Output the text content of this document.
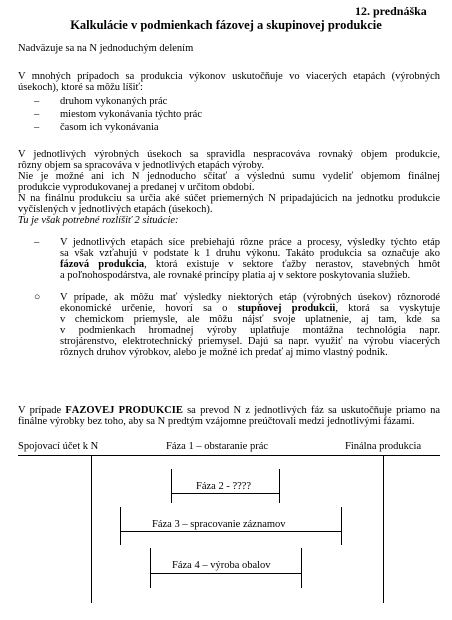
12. prednáška
Kalkulácie v podmienkach fázovej a skupinovej produkcie
Nadväzuje sa na N jednoduchým delením
V mnohých prípadoch sa produkcia výkonov uskutočňuje vo viacerých etapách (výrobných
úsekoch), ktoré sa môžu líšiť:
– druhom vykonaných prác
– miestom vykonávania týchto prác
– časom ich vykonávania
V jednotlivých výrobných úsekoch sa spravidla nespracováva rovnaký objem produkcie,
rôzny objem sa spracováva v jednotlivých etapách výroby.
Nie je možné ani ich N jednoducho sčítať a výslednú sumu vydeliť objemom finálnej
produkcie vyprodukovanej a predanej v určitom období.
N na finálnu produkciu sa určia aké súčet priemerných N pripadajúcich na jednotku produkcie
vyčíslených v jednotlivých etapách (úsekoch).
Tu je však potrebné rozlíšiť 2 situácie:
– V jednotlivých etapách síce prebiehajú rôzne práce a procesy, výsledky týchto etáp
sa však vzťahujú v podstate k 1 druhu výkonu. Takáto produkcia sa označuje ako
fázová produkcia, ktorá existuje v sektore ťažby nerastov, stavebných hmôt
a poľnohospodárstva, ale rovnaké princípy platia aj v sektore poskytovania služieb.
○ V prípade, ak môžu mať výsledky niektorých etáp (výrobných úsekov) rôznorodé
ekonomické určenie, hovorí sa o stupňovej produkcii, ktorá sa vyskytuje
v chemickom priemysle, ale môžu nájsť svoje uplatnenie, aj tam, kde sa
v podmienkach hromadnej výroby uplatňuje montážna technológia napr.
strojárenstvo, elektrotechnický priemysel. Dajú sa napr. využiť na výrobu viacerých
rôznych druhov výrobkov, alebo je možné ich predať aj mimo vlastný podnik.
V prípade FÁZOVEJ PRODUKCIE sa prevod N z jednotlivých fáz sa uskutočňuje priamo na
finálne výrobky bez toho, aby sa N predtým vzájomne preúčtovali medzi jednotlivými fázami.
Spojovací účet k N	Fáza 1 – obstaranie prác	Finálna produkcia
Fáza 2 - ????
Fáza 3 – spracovanie záznamov
Fáza 4 – výroba obalov
